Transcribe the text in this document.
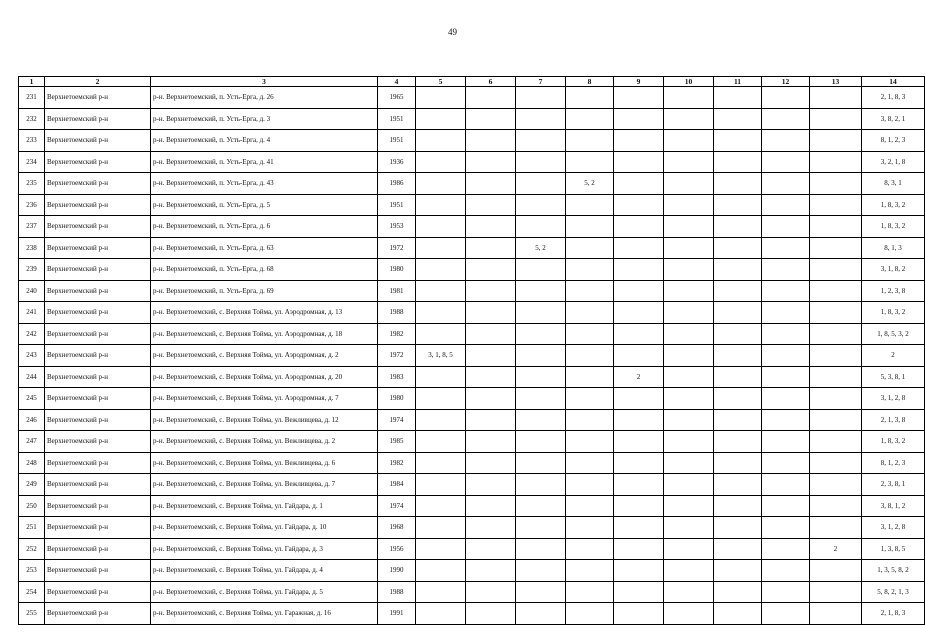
49
1	2	3	4	5	6	7	8	9	10	11	12	13	14
231	Верхнетоемский р-н	р-н. Верхнетоемский, п. Усть-Ерга, д. 26	1965										2, 1, 8, 3
232	Верхнетоемский р-н	р-н. Верхнетоемский, п. Усть-Ерга, д. 3	1951										3, 8, 2, 1
233	Верхнетоемский р-н	р-н. Верхнетоемский, п. Усть-Ерга, д. 4	1951										8, 1, 2, 3
234	Верхнетоемский р-н	р-н. Верхнетоемский, п. Усть-Ерга, д. 41	1936										3, 2, 1, 8
235	Верхнетоемский р-н	р-н. Верхнетоемский, п. Усть-Ерга, д. 43	1986				5, 2						8, 3, 1
236	Верхнетоемский р-н	р-н. Верхнетоемский, п. Усть-Ерга, д. 5	1951										1, 8, 3, 2
237	Верхнетоемский р-н	р-н. Верхнетоемский, п. Усть-Ерга, д. 6	1953										1, 8, 3, 2
238	Верхнетоемский р-н	р-н. Верхнетоемский, п. Усть-Ерга, д. 63	1972			5, 2							8, 1, 3
239	Верхнетоемский р-н	р-н. Верхнетоемский, п. Усть-Ерга, д. 68	1980										3, 1, 8, 2
240	Верхнетоемский р-н	р-н. Верхнетоемский, п. Усть-Ерга, д. 69	1981										1, 2, 3, 8
241	Верхнетоемский р-н	р-н. Верхнетоемский, с. Верхняя Тойма, ул. Аэродромная, д. 13	1988										1, 8, 3, 2
242	Верхнетоемский р-н	р-н. Верхнетоемский, с. Верхняя Тойма, ул. Аэродромная, д. 18	1982										1, 8, 5, 3, 2
243	Верхнетоемский р-н	р-н. Верхнетоемский, с. Верхняя Тойма, ул. Аэродромная, д. 2	1972	3, 1, 8, 5									2
244	Верхнетоемский р-н	р-н. Верхнетоемский, с. Верхняя Тойма, ул. Аэродромная, д. 20	1983					2					5, 3, 8, 1
245	Верхнетоемский р-н	р-н. Верхнетоемский, с. Верхняя Тойма, ул. Аэродромная, д. 7	1980										3, 1, 2, 8
246	Верхнетоемский р-н	р-н. Верхнетоемский, с. Верхняя Тойма, ул. Вежливцева, д. 12	1974										2, 1, 3, 8
247	Верхнетоемский р-н	р-н. Верхнетоемский, с. Верхняя Тойма, ул. Вежливцева, д. 2	1985										1, 8, 3, 2
248	Верхнетоемский р-н	р-н. Верхнетоемский, с. Верхняя Тойма, ул. Вежливцева, д. 6	1982										8, 1, 2, 3
249	Верхнетоемский р-н	р-н. Верхнетоемский, с. Верхняя Тойма, ул. Вежливцева, д. 7	1984										2, 3, 8, 1
250	Верхнетоемский р-н	р-н. Верхнетоемский, с. Верхняя Тойма, ул. Гайдара, д. 1	1974										3, 8, 1, 2
251	Верхнетоемский р-н	р-н. Верхнетоемский, с. Верхняя Тойма, ул. Гайдара, д. 10	1968										3, 1, 2, 8
252	Верхнетоемский р-н	р-н. Верхнетоемский, с. Верхняя Тойма, ул. Гайдара, д. 3	1956									2	1, 3, 8, 5
253	Верхнетоемский р-н	р-н. Верхнетоемский, с. Верхняя Тойма, ул. Гайдара, д. 4	1990										1, 3, 5, 8, 2
254	Верхнетоемский р-н	р-н. Верхнетоемский, с. Верхняя Тойма, ул. Гайдара, д. 5	1988										5, 8, 2, 1, 3
255	Верхнетоемский р-н	р-н. Верхнетоемский, с. Верхняя Тойма, ул. Гаражная, д. 16	1991										2, 1, 8, 3
